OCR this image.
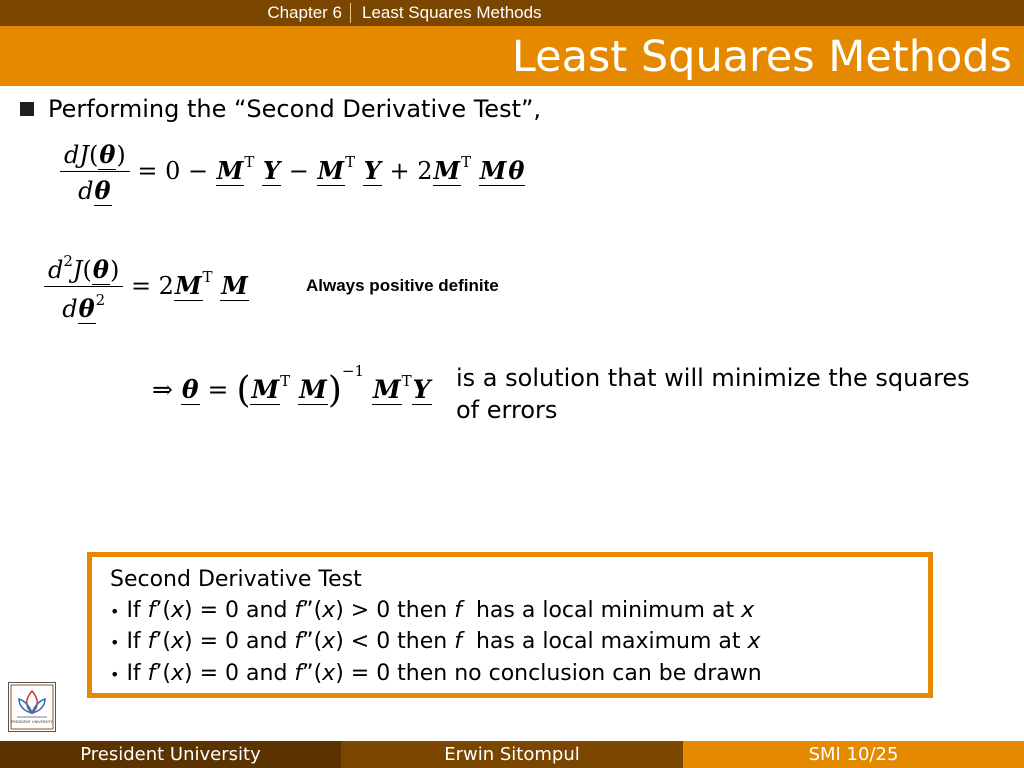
Chapter 6	Least Squares Methods
Least Squares Methods
Performing the “Second Derivative Test”,
$\frac{dJ(\theta)}{d\theta} = 0 - M^T$ $Y - M^T$ $Y + 2M^T$ Mθ
$\frac{d^2J(\theta)}{d\theta^2} = 2M^T$ M	Always positive definite
⇒ $\theta = (M^T$ M)$^{-1}$ $M^TY$ is a solution that will minimize the squares of errors
Second Derivative Test
• If f’(x) = 0 and f”(x) > 0 then f  has a local minimum at x
• If f’(x) = 0 and f”(x) < 0 then f  has a local maximum at x
• If f’(x) = 0 and f”(x) = 0 then no conclusion can be drawn
PRESIDENT UNIVERSITY
President University	Erwin Sitompul	SMI 10/25
